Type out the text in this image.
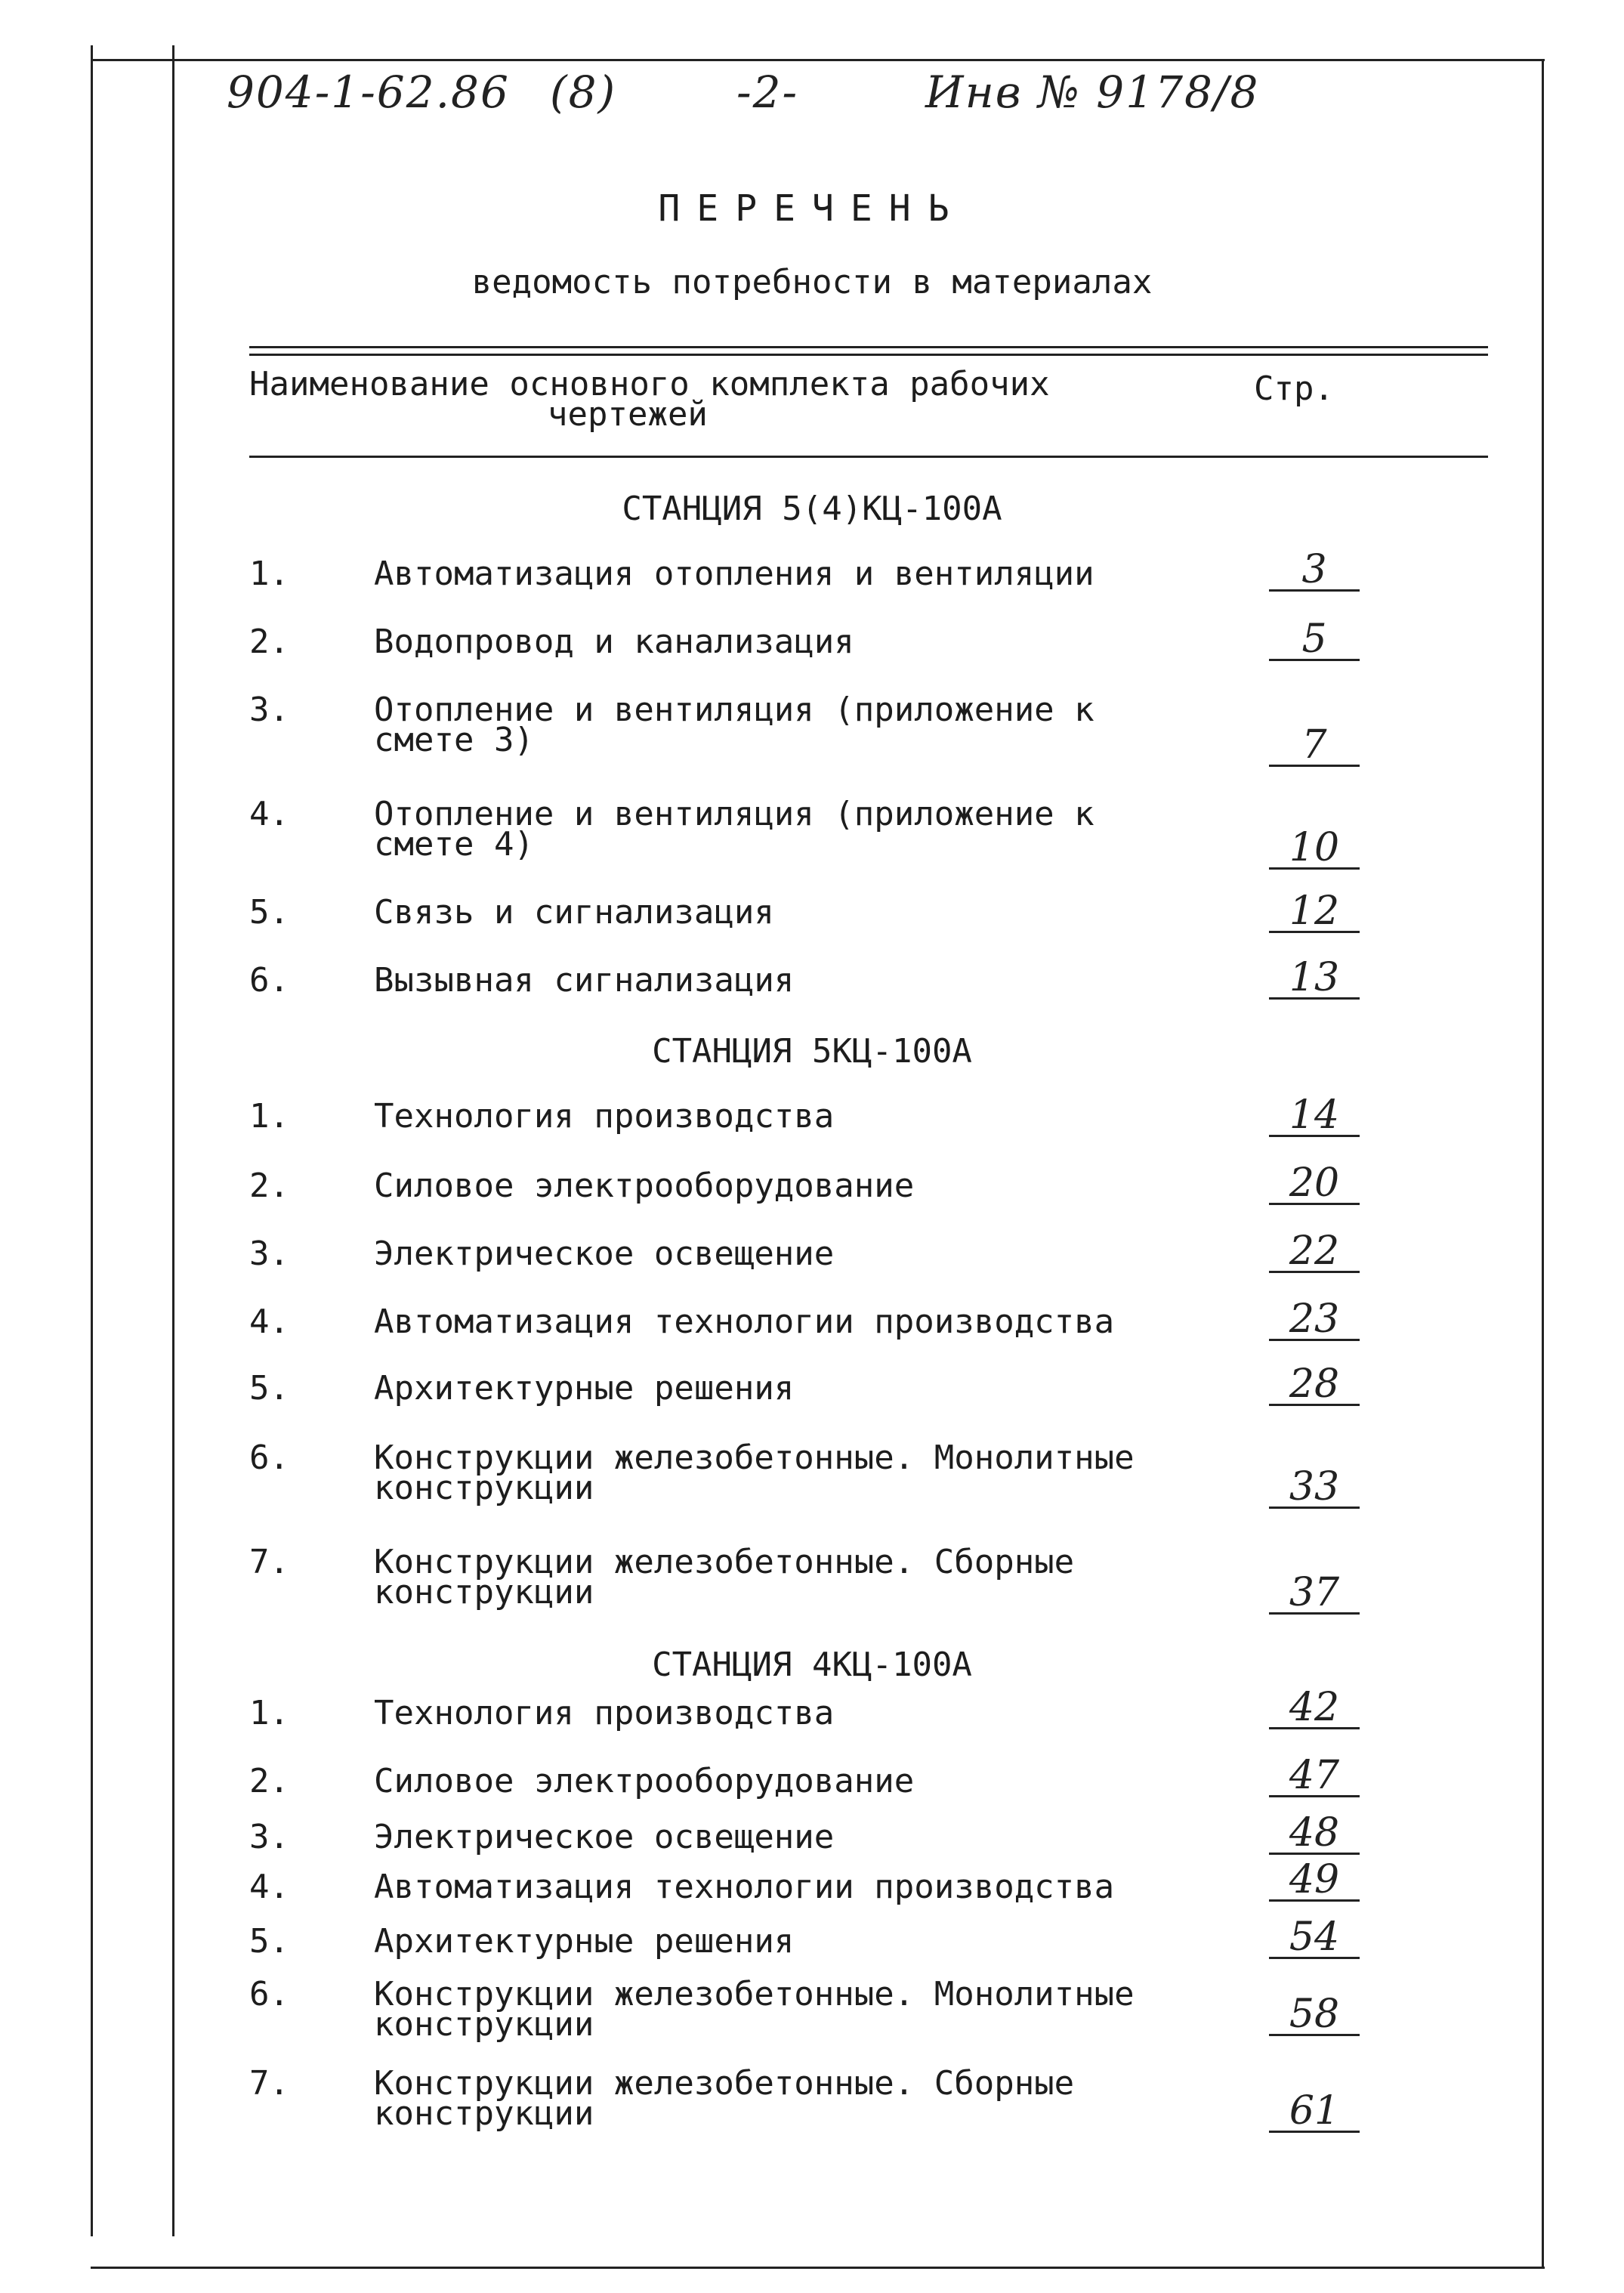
904-1-62.86 (8)	-2-	Инв № 9178/8
ПЕРЕЧЕНЬ
ведомость потребности в материалах
Наименование основного комплекта рабочих
чертежей
Стр.
СТАНЦИЯ 5(4)КЦ-100А
1.	Автоматизация отопления и вентиляции	3
2.	Водопровод и канализация	5
3.	Отопление и вентиляция (приложение к
смете 3)	7
4.	Отопление и вентиляция (приложение к
смете 4)	10
5.	Связь и сигнализация	12
6.	Вызывная сигнализация	13
СТАНЦИЯ 5КЦ-100А
1.	Технология производства	14
2.	Силовое электрооборудование	20
3.	Электрическое освещение	22
4.	Автоматизация технологии производства	23
5.	Архитектурные решения	28
6.	Конструкции железобетонные. Монолитные
конструкции	33
7.	Конструкции железобетонные. Сборные
конструкции	37
СТАНЦИЯ 4КЦ-100А
1.	Технология производства	42
2.	Силовое электрооборудование	47
3.	Электрическое освещение	48
4.	Автоматизация технологии производства	49
5.	Архитектурные решения	54
6.	Конструкции железобетонные. Монолитные
конструкции	58
7.	Конструкции железобетонные. Сборные
конструкции	61
